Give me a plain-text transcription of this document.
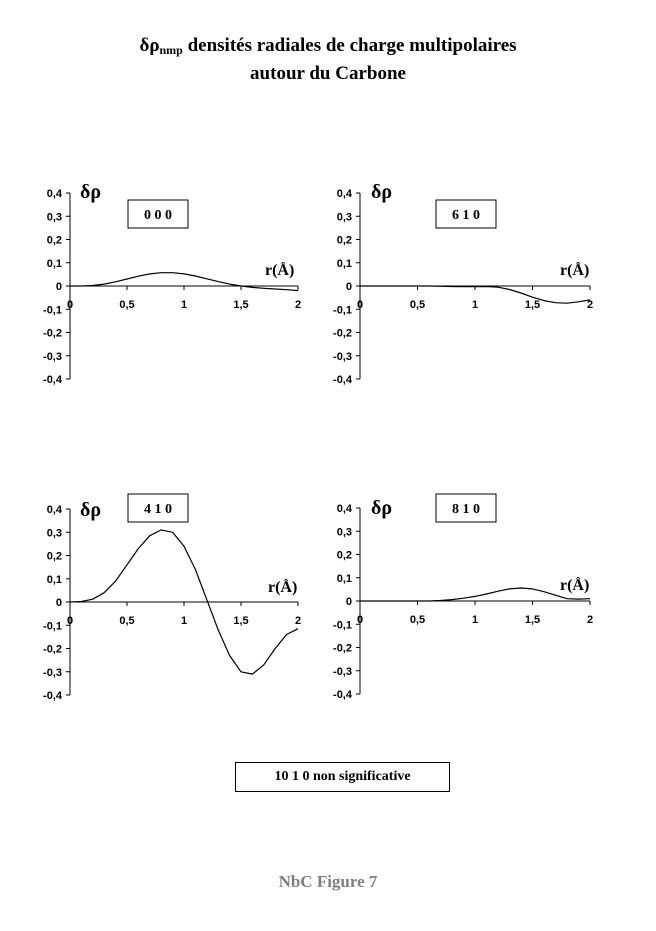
$\delta\rho_{nmp}$ densités radiales de charge multipolaires
autour du Carbone
0,4
0,3
0,2
0,1
0
-0,1
-0,2
-0,3
-0,4
0	0,5	1	1,5	2
δρ
r(Å)
0 0 0
0,4
0,3
0,2
0,1
0
-0,1
-0,2
-0,3
-0,4
0	0,5	1	1,5	2
δρ
r(Å)
6 1 0
0,4
0,3
0,2
0,1
0
-0,1
-0,2
-0,3
-0,4
0	0,5	1	1,5	2
δρ
r(Å)
4 1 0	0,4
0,3
0,2
0,1
0
-0,1
-0,2
-0,3
-0,4
0	0,5	1	1,5	2
δρ
r(Å)
8 1 0
10 1 0 non significative
NbC Figure 7
